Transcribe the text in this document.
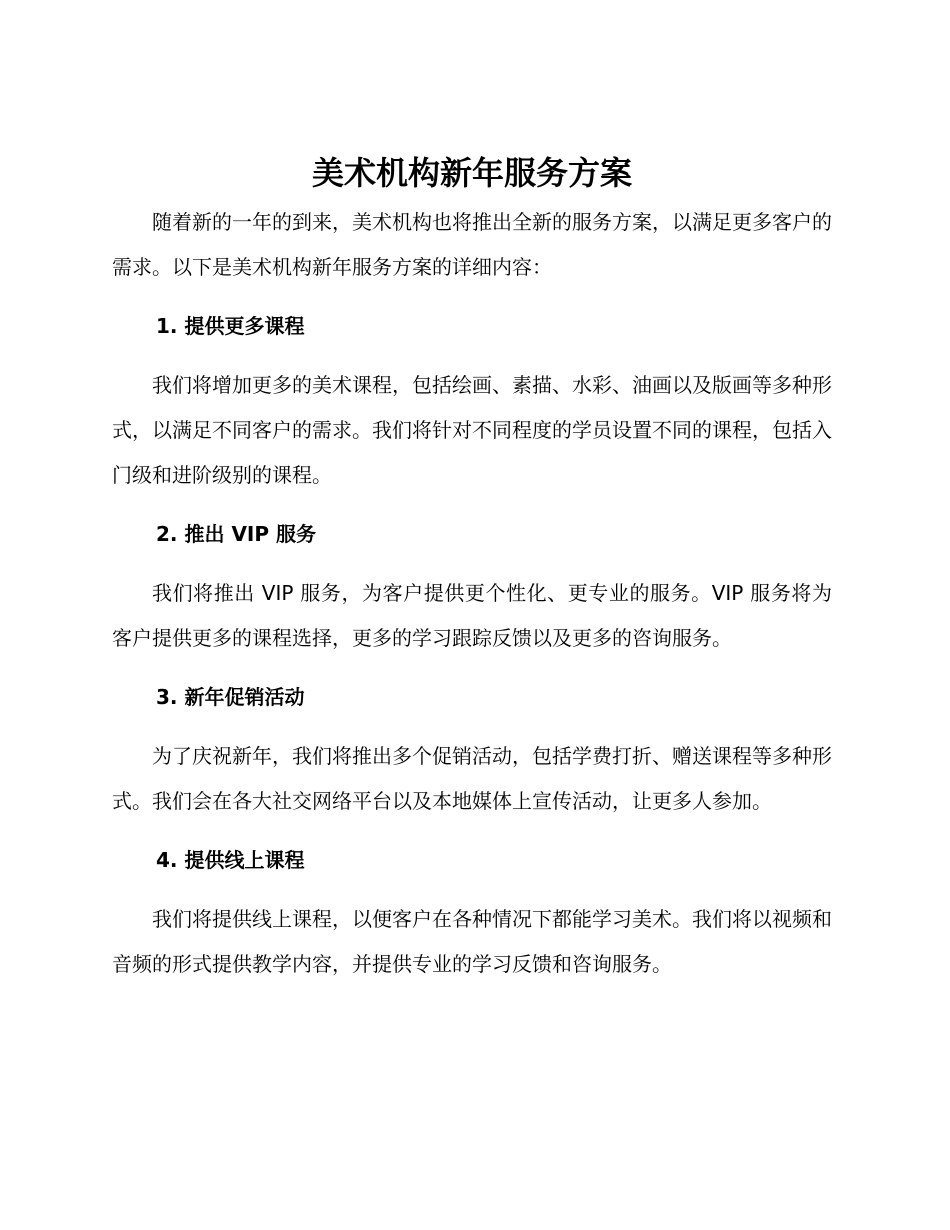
美术机构新年服务方案

随着新的一年的到来，美术机构也将推出全新的服务方案，以满足更多客户的需求。以下是美术机构新年服务方案的详细内容：

1. 提供更多课程

我们将增加更多的美术课程，包括绘画、素描、水彩、油画以及版画等多种形式，以满足不同客户的需求。我们将针对不同程度的学员设置不同的课程，包括入门级和进阶级别的课程。

2. 推出 VIP 服务

我们将推出 VIP 服务，为客户提供更个性化、更专业的服务。VIP 服务将为客户提供更多的课程选择，更多的学习跟踪反馈以及更多的咨询服务。

3. 新年促销活动

为了庆祝新年，我们将推出多个促销活动，包括学费打折、赠送课程等多种形式。我们会在各大社交网络平台以及本地媒体上宣传活动，让更多人参加。

4. 提供线上课程

我们将提供线上课程，以便客户在各种情况下都能学习美术。我们将以视频和音频的形式提供教学内容，并提供专业的学习反馈和咨询服务。
